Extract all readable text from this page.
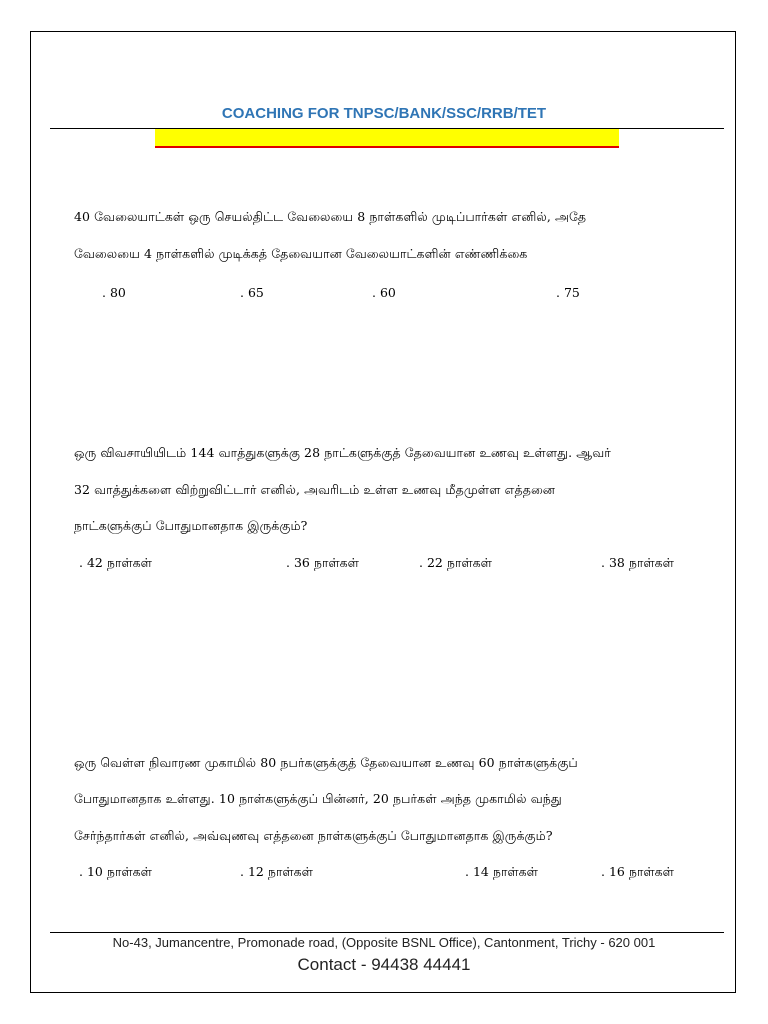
COACHING FOR TNPSC/BANK/SSC/RRB/TET
40 வேலையாட்கள் ஒரு செயல்திட்ட வேலையை 8 நாள்களில் முடிப்பார்கள் எனில், அதே
வேலையை 4 நாள்களில் முடிக்கத் தேவையான வேலையாட்களின் எண்ணிக்கை
. 80	. 65	. 60	. 75
ஒரு விவசாயியிடம் 144 வாத்துகளுக்கு 28 நாட்களுக்குத் தேவையான உணவு உள்ளது. ஆவர்
32 வாத்துக்களை விற்றுவிட்டார் எனில், அவரிடம் உள்ள உணவு மீதமுள்ள எத்தனை
நாட்களுக்குப் போதுமானதாக இருக்கும்?
. 42 நாள்கள்	. 36 நாள்கள்	. 22 நாள்கள்	. 38 நாள்கள்
ஒரு வெள்ள நிவாரண முகாமில் 80 நபர்களுக்குத் தேவையான உணவு 60 நாள்களுக்குப்
போதுமானதாக உள்ளது. 10 நாள்களுக்குப் பின்னர், 20 நபர்கள் அந்த முகாமில் வந்து
சேர்ந்தார்கள் எனில், அவ்வுணவு எத்தனை நாள்களுக்குப் போதுமானதாக இருக்கும்?
. 10 நாள்கள்	. 12 நாள்கள்	. 14 நாள்கள்	. 16 நாள்கள்
No-43, Jumancentre, Promonade road, (Opposite BSNL Office), Cantonment, Trichy - 620 001
Contact - 94438 44441
